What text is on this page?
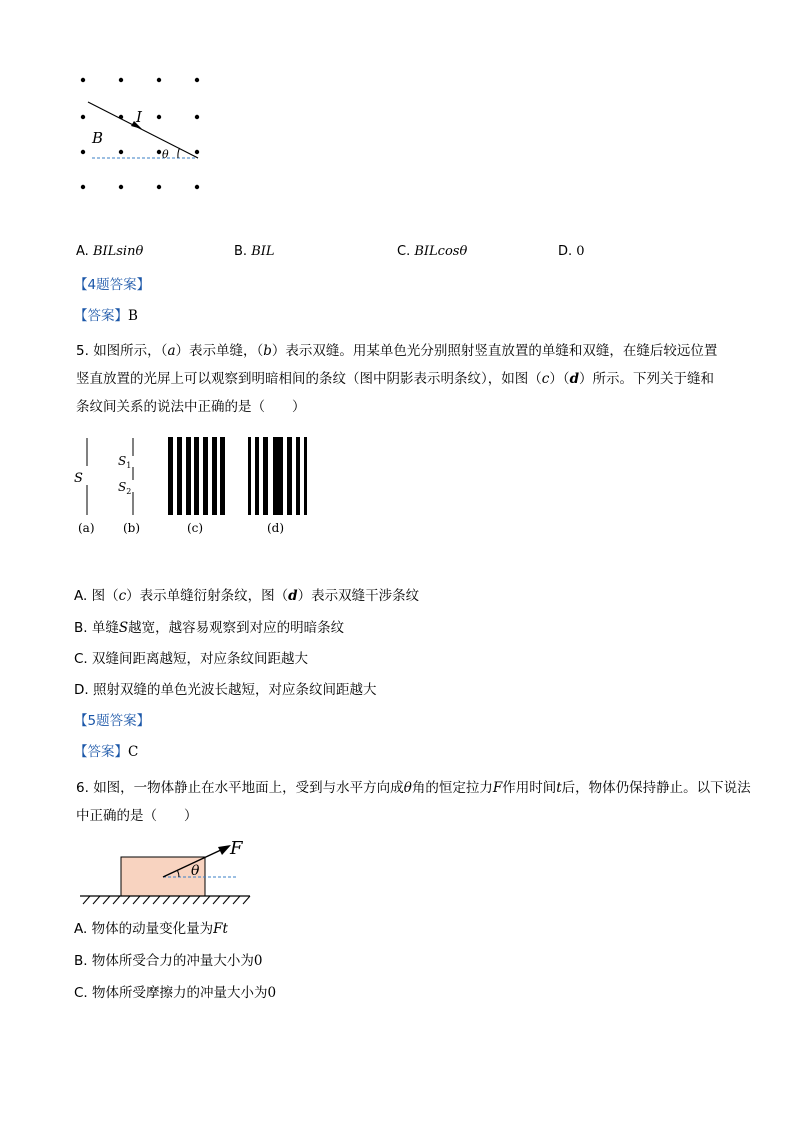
I
B
θ
A. BILsinθ	B. BIL	C. BILcosθ	D. 0
【4题答案】
【答案】B
5. 如图所示，（a）表示单缝，（b）表示双缝。用某单色光分别照射竖直放置的单缝和双缝，在缝后较远位置竖直放置的光屏上可以观察到明暗相间的条纹（图中阴影表示明条纹），如图（c）（d）所示。下列关于缝和条纹间关系的说法中正确的是（　　）
S
$S_1$
$S_2$
(a) (b)	(c)	(d)
A. 图（c）表示单缝衍射条纹，图（d）表示双缝干涉条纹
B. 单缝S越宽，越容易观察到对应的明暗条纹
C. 双缝间距离越短，对应条纹间距越大
D. 照射双缝的单色光波长越短，对应条纹间距越大
【5题答案】
【答案】C
6. 如图，一物体静止在水平地面上，受到与水平方向成θ角的恒定拉力F作用时间t后，物体仍保持静止。以下说法中正确的是（　　）
F
θ
A. 物体的动量变化量为Ft
B. 物体所受合力的冲量大小为0
C. 物体所受摩擦力的冲量大小为0
